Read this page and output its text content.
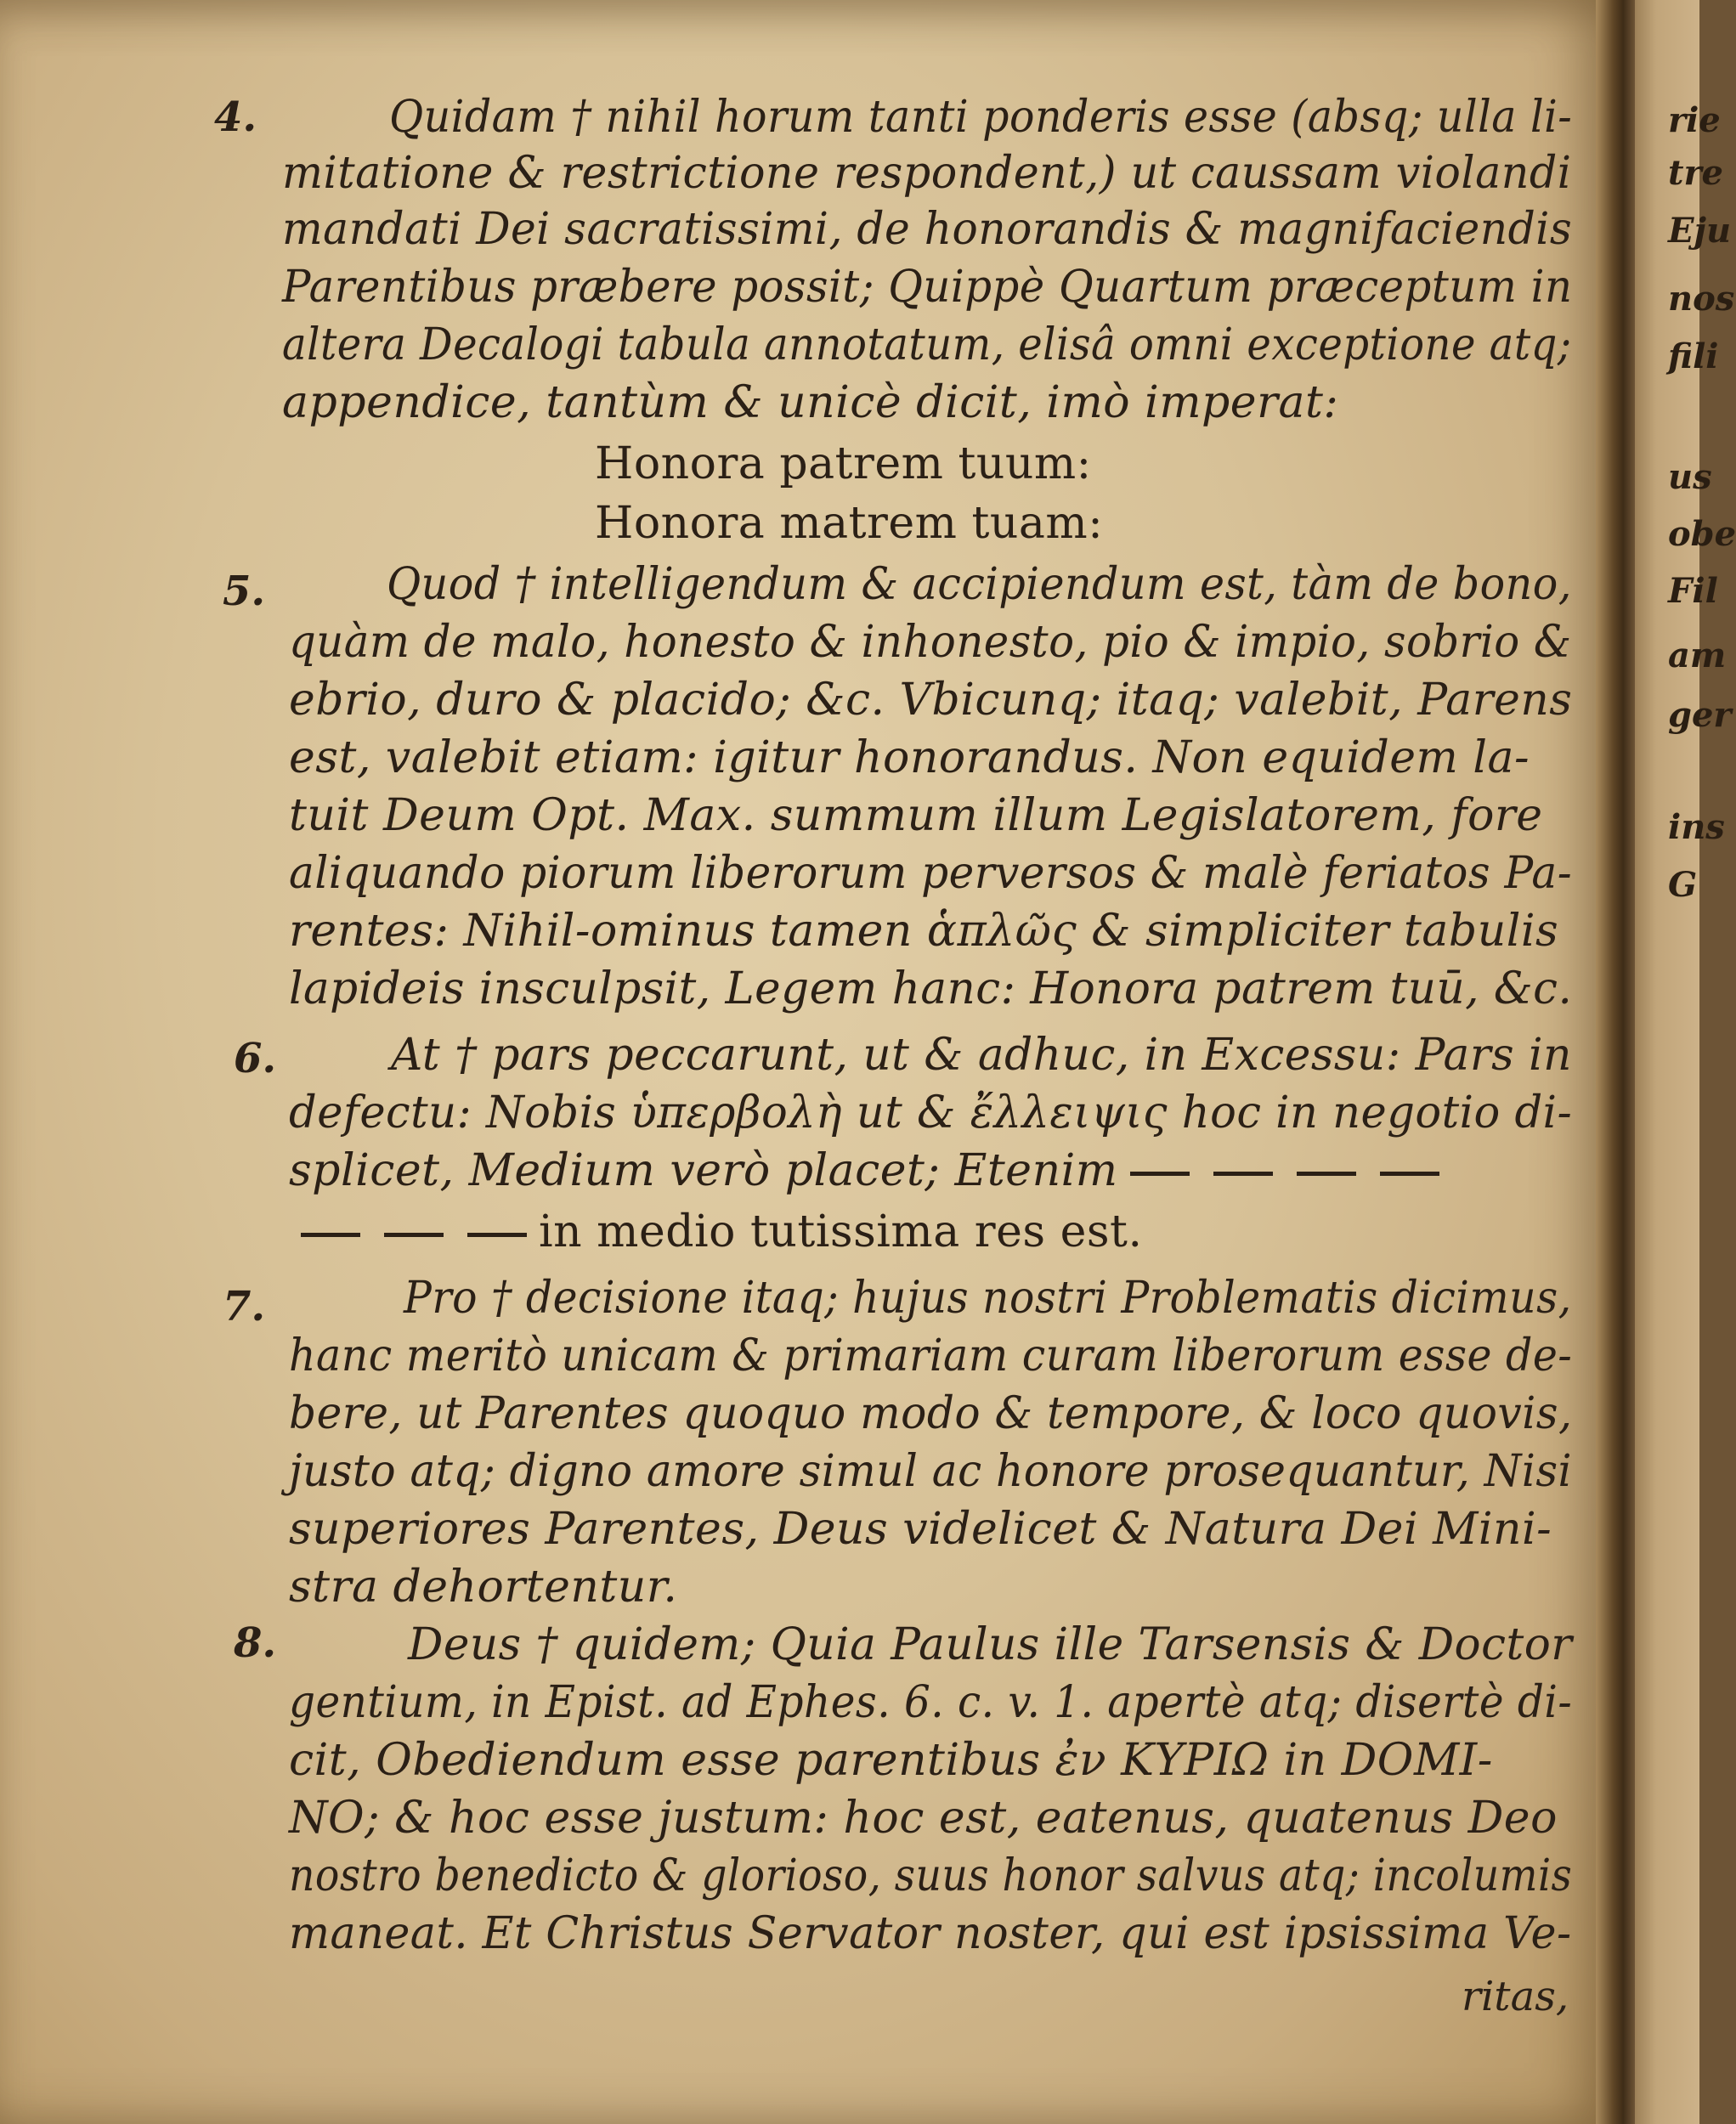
rie
tre
Eju
nos
fili
us
obe
Fil
am
ger
ins
G
4.	Quidam † nihil horum tanti ponderis esse (absq; ulla li-
mitatione & restrictione respondent,) ut caussam violandi
mandati Dei sacratissimi, de honorandis & magnifaciendis
Parentibus præbere possit; Quippè Quartum præceptum in
altera Decalogi tabula annotatum, elisâ omni exceptione atq;
appendice, tantùm & unicè dicit, imò imperat:
Honora patrem tuum:
Honora matrem tuam:
5.	Quod † intelligendum & accipiendum est, tàm de bono,
quàm de malo, honesto & inhonesto, pio & impio, sobrio &
ebrio, duro & placido; &c. Vbicunq; itaq; valebit, Parens
est, valebit etiam: igitur honorandus. Non equidem la-
tuit Deum Opt. Max. summum illum Legislatorem, fore
aliquando piorum liberorum perversos & malè feriatos Pa-
rentes: Nihil-ominus tamen ἁπλῶς & simpliciter tabulis
lapideis insculpsit, Legem hanc: Honora patrem tuū, &c.
6.	At † pars peccarunt, ut & adhuc, in Excessu: Pars in
defectu: Nobis ὑπερβολὴ ut & ἔλλειψις hoc in negotio di-
splicet, Medium verò placet; Etenim
in medio tutissima res est.
7.	Pro † decisione itaq; hujus nostri Problematis dicimus,
hanc meritò unicam & primariam curam liberorum esse de-
bere, ut Parentes quoquo modo & tempore, & loco quovis,
justo atq; digno amore simul ac honore prosequantur, Nisi
superiores Parentes, Deus videlicet & Natura Dei Mini-
stra dehortentur.
8.	Deus † quidem; Quia Paulus ille Tarsensis & Doctor
gentium, in Epist. ad Ephes. 6. c. v. 1. apertè atq; disertè di-
cit, Obediendum esse parentibus ἐν ΚΥΡΙΩ in DOMI-
NO; & hoc esse justum: hoc est, eatenus, quatenus Deo
nostro benedicto & glorioso, suus honor salvus atq; incolumis
maneat. Et Christus Servator noster, qui est ipsissima Ve-
ritas,
